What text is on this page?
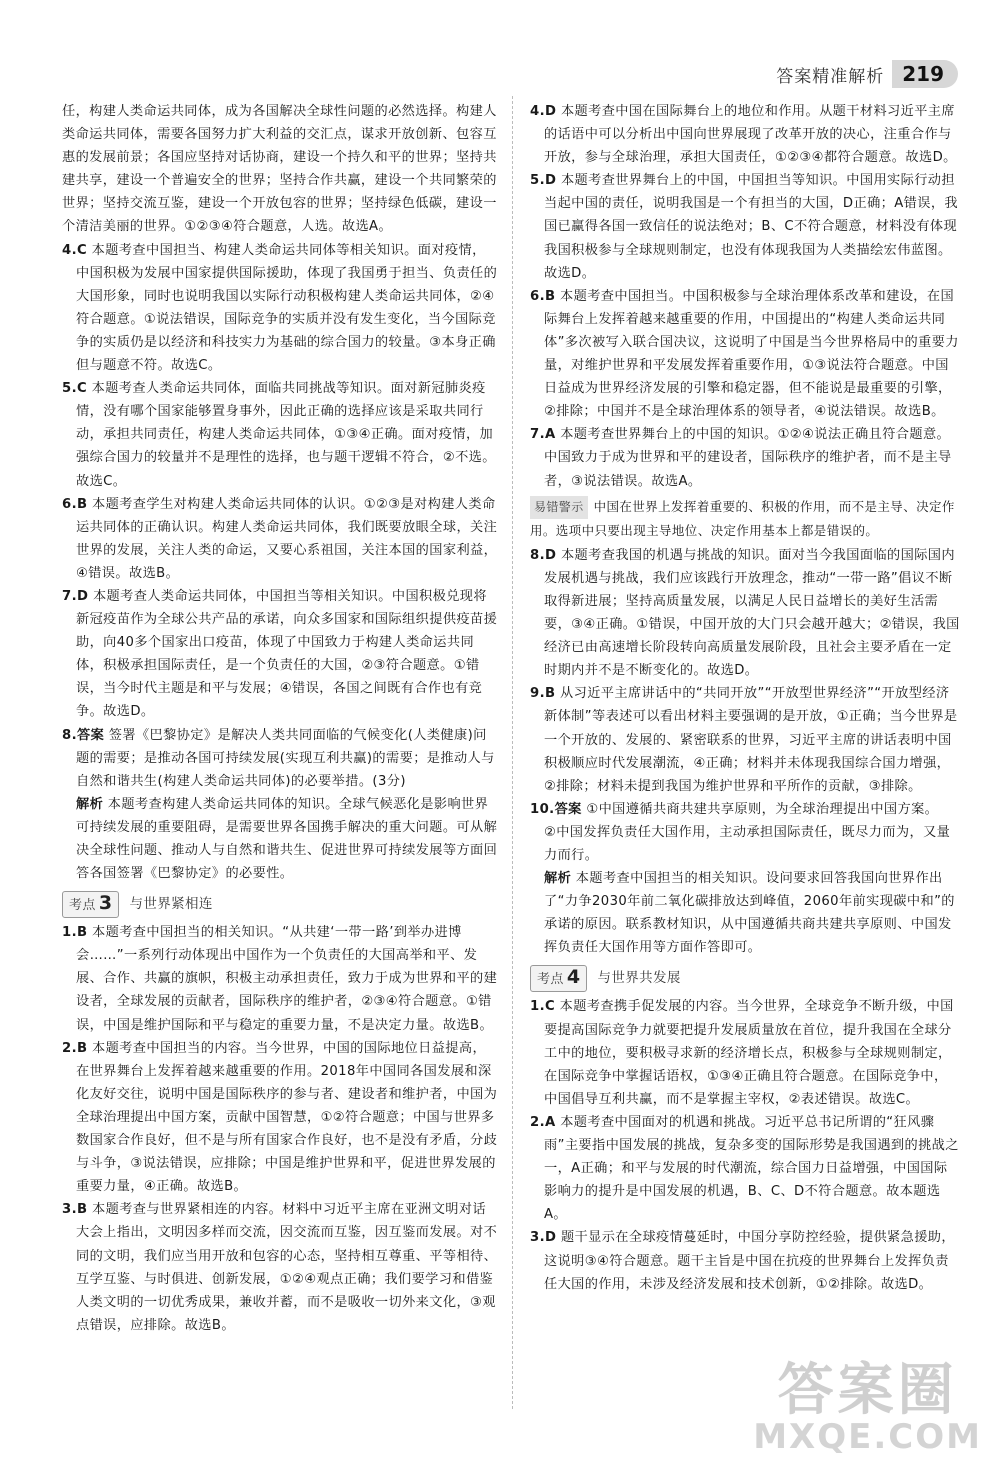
答案精准解析 219

任，构建人类命运共同体，成为各国解决全球性问题的必然选择。构建人类命运共同体，需要各国努力扩大利益的交汇点，谋求开放创新、包容互惠的发展前景；各国应坚持对话协商，建设一个持久和平的世界；坚持共建共享，建设一个普遍安全的世界；坚持合作共赢，建设一个共同繁荣的世界；坚持交流互鉴，建设一个开放包容的世界；坚持绿色低碳，建设一个清洁美丽的世界。①②③④符合题意，人选。故选A。

4.C 本题考查中国担当、构建人类命运共同体等相关知识。面对疫情，中国积极为发展中国家提供国际援助，体现了我国勇于担当、负责任的大国形象，同时也说明我国以实际行动积极构建人类命运共同体，②④符合题意。①说法错误，国际竞争的实质并没有发生变化，当今国际竞争的实质仍是以经济和科技实力为基础的综合国力的较量。③本身正确但与题意不符。故选C。

5.C 本题考查人类命运共同体，面临共同挑战等知识。面对新冠肺炎疫情，没有哪个国家能够置身事外，因此正确的选择应该是采取共同行动，承担共同责任，构建人类命运共同体，①③④正确。面对疫情，加强综合国力的较量并不是理性的选择，也与题干逻辑不符合，②不选。故选C。

6.B 本题考查学生对构建人类命运共同体的认识。①②③是对构建人类命运共同体的正确认识。构建人类命运共同体，我们既要放眼全球，关注世界的发展，关注人类的命运，又要心系祖国，关注本国的国家利益，④错误。故选B。

7.D 本题考查人类命运共同体，中国担当等相关知识。中国积极兑现将新冠疫苗作为全球公共产品的承诺，向众多国家和国际组织提供疫苗援助，向40多个国家出口疫苗，体现了中国致力于构建人类命运共同体，积极承担国际责任，是一个负责任的大国，②③符合题意。①错误，当今时代主题是和平与发展；④错误，各国之间既有合作也有竞争。故选D。

8.答案 签署《巴黎协定》是解决人类共同面临的气候变化(人类健康)问题的需要；是推动各国可持续发展(实现互利共赢)的需要；是推动人与自然和谐共生(构建人类命运共同体)的必要举措。(3分)

解析 本题考查构建人类命运共同体的知识。全球气候恶化是影响世界可持续发展的重要阻碍，是需要世界各国携手解决的重大问题。可从解决全球性问题、推动人与自然和谐共生、促进世界可持续发展等方面回答各国签署《巴黎协定》的必要性。

考点 3 与世界紧相连

1.B 本题考查中国担当的相关知识。“从共建‘一带一路’到举办进博会……”一系列行动体现出中国作为一个负责任的大国高举和平、发展、合作、共赢的旗帜，积极主动承担责任，致力于成为世界和平的建设者，全球发展的贡献者，国际秩序的维护者，②③④符合题意。①错误，中国是维护国际和平与稳定的重要力量，不是决定力量。故选B。

2.B 本题考查中国担当的内容。当今世界，中国的国际地位日益提高，在世界舞台上发挥着越来越重要的作用。2018年中国同各国发展和深化友好交往，说明中国是国际秩序的参与者、建设者和维护者，中国为全球治理提出中国方案，贡献中国智慧，①②符合题意；中国与世界多数国家合作良好，但不是与所有国家合作良好，也不是没有矛盾，分歧与斗争，③说法错误，应排除；中国是维护世界和平，促进世界发展的重要力量，④正确。故选B。

3.B 本题考查与世界紧相连的内容。材料中习近平主席在亚洲文明对话大会上指出，文明因多样而交流，因交流而互鉴，因互鉴而发展。对不同的文明，我们应当用开放和包容的心态，坚持相互尊重、平等相待、互学互鉴、与时俱进、创新发展，①②④观点正确；我们要学习和借鉴人类文明的一切优秀成果，兼收并蓄，而不是吸收一切外来文化，③观点错误，应排除。故选B。

4.D 本题考查中国在国际舞台上的地位和作用。从题干材料习近平主席的话语中可以分析出中国向世界展现了改革开放的决心，注重合作与开放，参与全球治理，承担大国责任，①②③④都符合题意。故选D。

5.D 本题考查世界舞台上的中国，中国担当等知识。中国用实际行动担当起中国的责任，说明我国是一个有担当的大国，D正确；A错误，我国已赢得各国一致信任的说法绝对；B、C不符合题意，材料没有体现我国积极参与全球规则制定，也没有体现我国为人类描绘宏伟蓝图。故选D。

6.B 本题考查中国担当。中国积极参与全球治理体系改革和建设，在国际舞台上发挥着越来越重要的作用，中国提出的“构建人类命运共同体”多次被写入联合国决议，这说明了中国是当今世界格局中的重要力量，对维护世界和平发展发挥着重要作用，①③说法符合题意。中国日益成为世界经济发展的引擎和稳定器，但不能说是最重要的引擎，②排除；中国并不是全球治理体系的领导者，④说法错误。故选B。

7.A 本题考查世界舞台上的中国的知识。①②④说法正确且符合题意。中国致力于成为世界和平的建设者，国际秩序的维护者，而不是主导者，③说法错误。故选A。

易错警示 中国在世界上发挥着重要的、积极的作用，而不是主导、决定作用。选项中只要出现主导地位、决定作用基本上都是错误的。

8.D 本题考查我国的机遇与挑战的知识。面对当今我国面临的国际国内发展机遇与挑战，我们应该践行开放理念，推动“一带一路”倡议不断取得新进展；坚持高质量发展，以满足人民日益增长的美好生活需要，③④正确。①错误，中国开放的大门只会越开越大；②错误，我国经济已由高速增长阶段转向高质量发展阶段，且社会主要矛盾在一定时期内并不是不断变化的。故选D。

9.B 从习近平主席讲话中的“共同开放”“开放型世界经济”“开放型经济新体制”等表述可以看出材料主要强调的是开放，①正确；当今世界是一个开放的、发展的、紧密联系的世界，习近平主席的讲话表明中国积极顺应时代发展潮流，④正确；材料并未体现我国综合国力增强，②排除；材料未提到我国为维护世界和平所作的贡献，③排除。

10.答案 ①中国遵循共商共建共享原则，为全球治理提出中国方案。

②中国发挥负责任大国作用，主动承担国际责任，既尽力而为，又量力而行。

解析 本题考查中国担当的相关知识。设问要求回答我国向世界作出了“力争2030年前二氧化碳排放达到峰值，2060年前实现碳中和”的承诺的原因。联系教材知识，从中国遵循共商共建共享原则、中国发挥负责任大国作用等方面作答即可。

考点 4 与世界共发展

1.C 本题考查携手促发展的内容。当今世界，全球竞争不断升级，中国要提高国际竞争力就要把提升发展质量放在首位，提升我国在全球分工中的地位，要积极寻求新的经济增长点，积极参与全球规则制定，在国际竞争中掌握话语权，①③④正确且符合题意。在国际竞争中，中国倡导互利共赢，而不是掌握主宰权，②表述错误。故选C。

2.A 本题考查中国面对的机遇和挑战。习近平总书记所谓的“狂风骤雨”主要指中国发展的挑战，复杂多变的国际形势是我国遇到的挑战之一，A正确；和平与发展的时代潮流，综合国力日益增强，中国国际影响力的提升是中国发展的机遇，B、C、D不符合题意。故本题选A。

3.D 题干显示在全球疫情蔓延时，中国分享防控经验，提供紧急援助，这说明③④符合题意。题干主旨是中国在抗疫的世界舞台上发挥负责任大国的作用，未涉及经济发展和技术创新，①②排除。故选D。

答案圈
MXQE.COM
